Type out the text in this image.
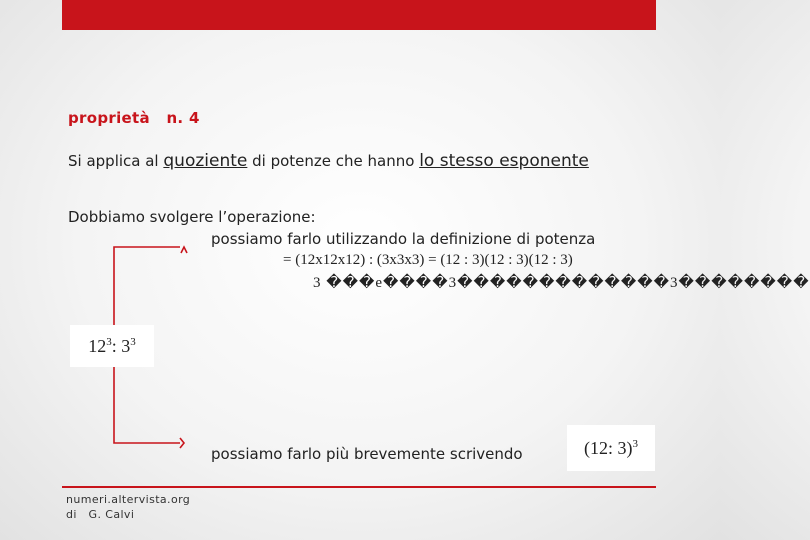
proprietà   n. 4
Si applica al quoziente di potenze che hanno lo stesso esponente
Dobbiamo svolgere l’operazione:
possiamo farlo utilizzando la definizione di potenza
= (12x12x12) : (3x3x3) = (12 : 3)(12 : 3)(12 : 3)
3 ���e����3�������������3��������
$12^3$: $3^3$
possiamo farlo più brevemente scrivendo	(12: 3)$^3$
numeri.altervista.org
di   G. Calvi
